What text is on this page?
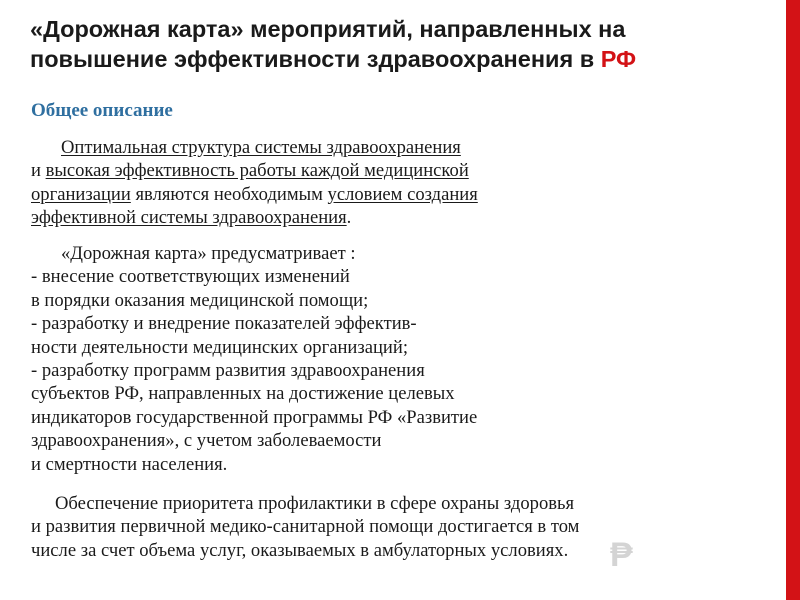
«Дорожная карта» мероприятий, направленных на
повышение эффективности здравоохранения в РФ
Общее описание
Оптимальная структура системы здравоохранения
и высокая эффективность работы каждой медицинской
организации являются необходимым условием создания
эффективной системы здравоохранения.
«Дорожная карта» предусматривает :
- внесение соответствующих изменений
в порядки оказания медицинской помощи;
- разработку и внедрение показателей эффектив-
ности деятельности медицинских организаций;
- разработку программ развития здравоохранения
субъектов РФ, направленных на достижение целевых
индикаторов государственной программы РФ «Развитие
здравоохранения», с учетом заболеваемости
и смертности населения.
Обеспечение приоритета профилактики в сфере охраны здоровья
и развития первичной медико-санитарной помощи достигается в том
числе за счет объема услуг, оказываемых в амбулаторных условиях.	₱
